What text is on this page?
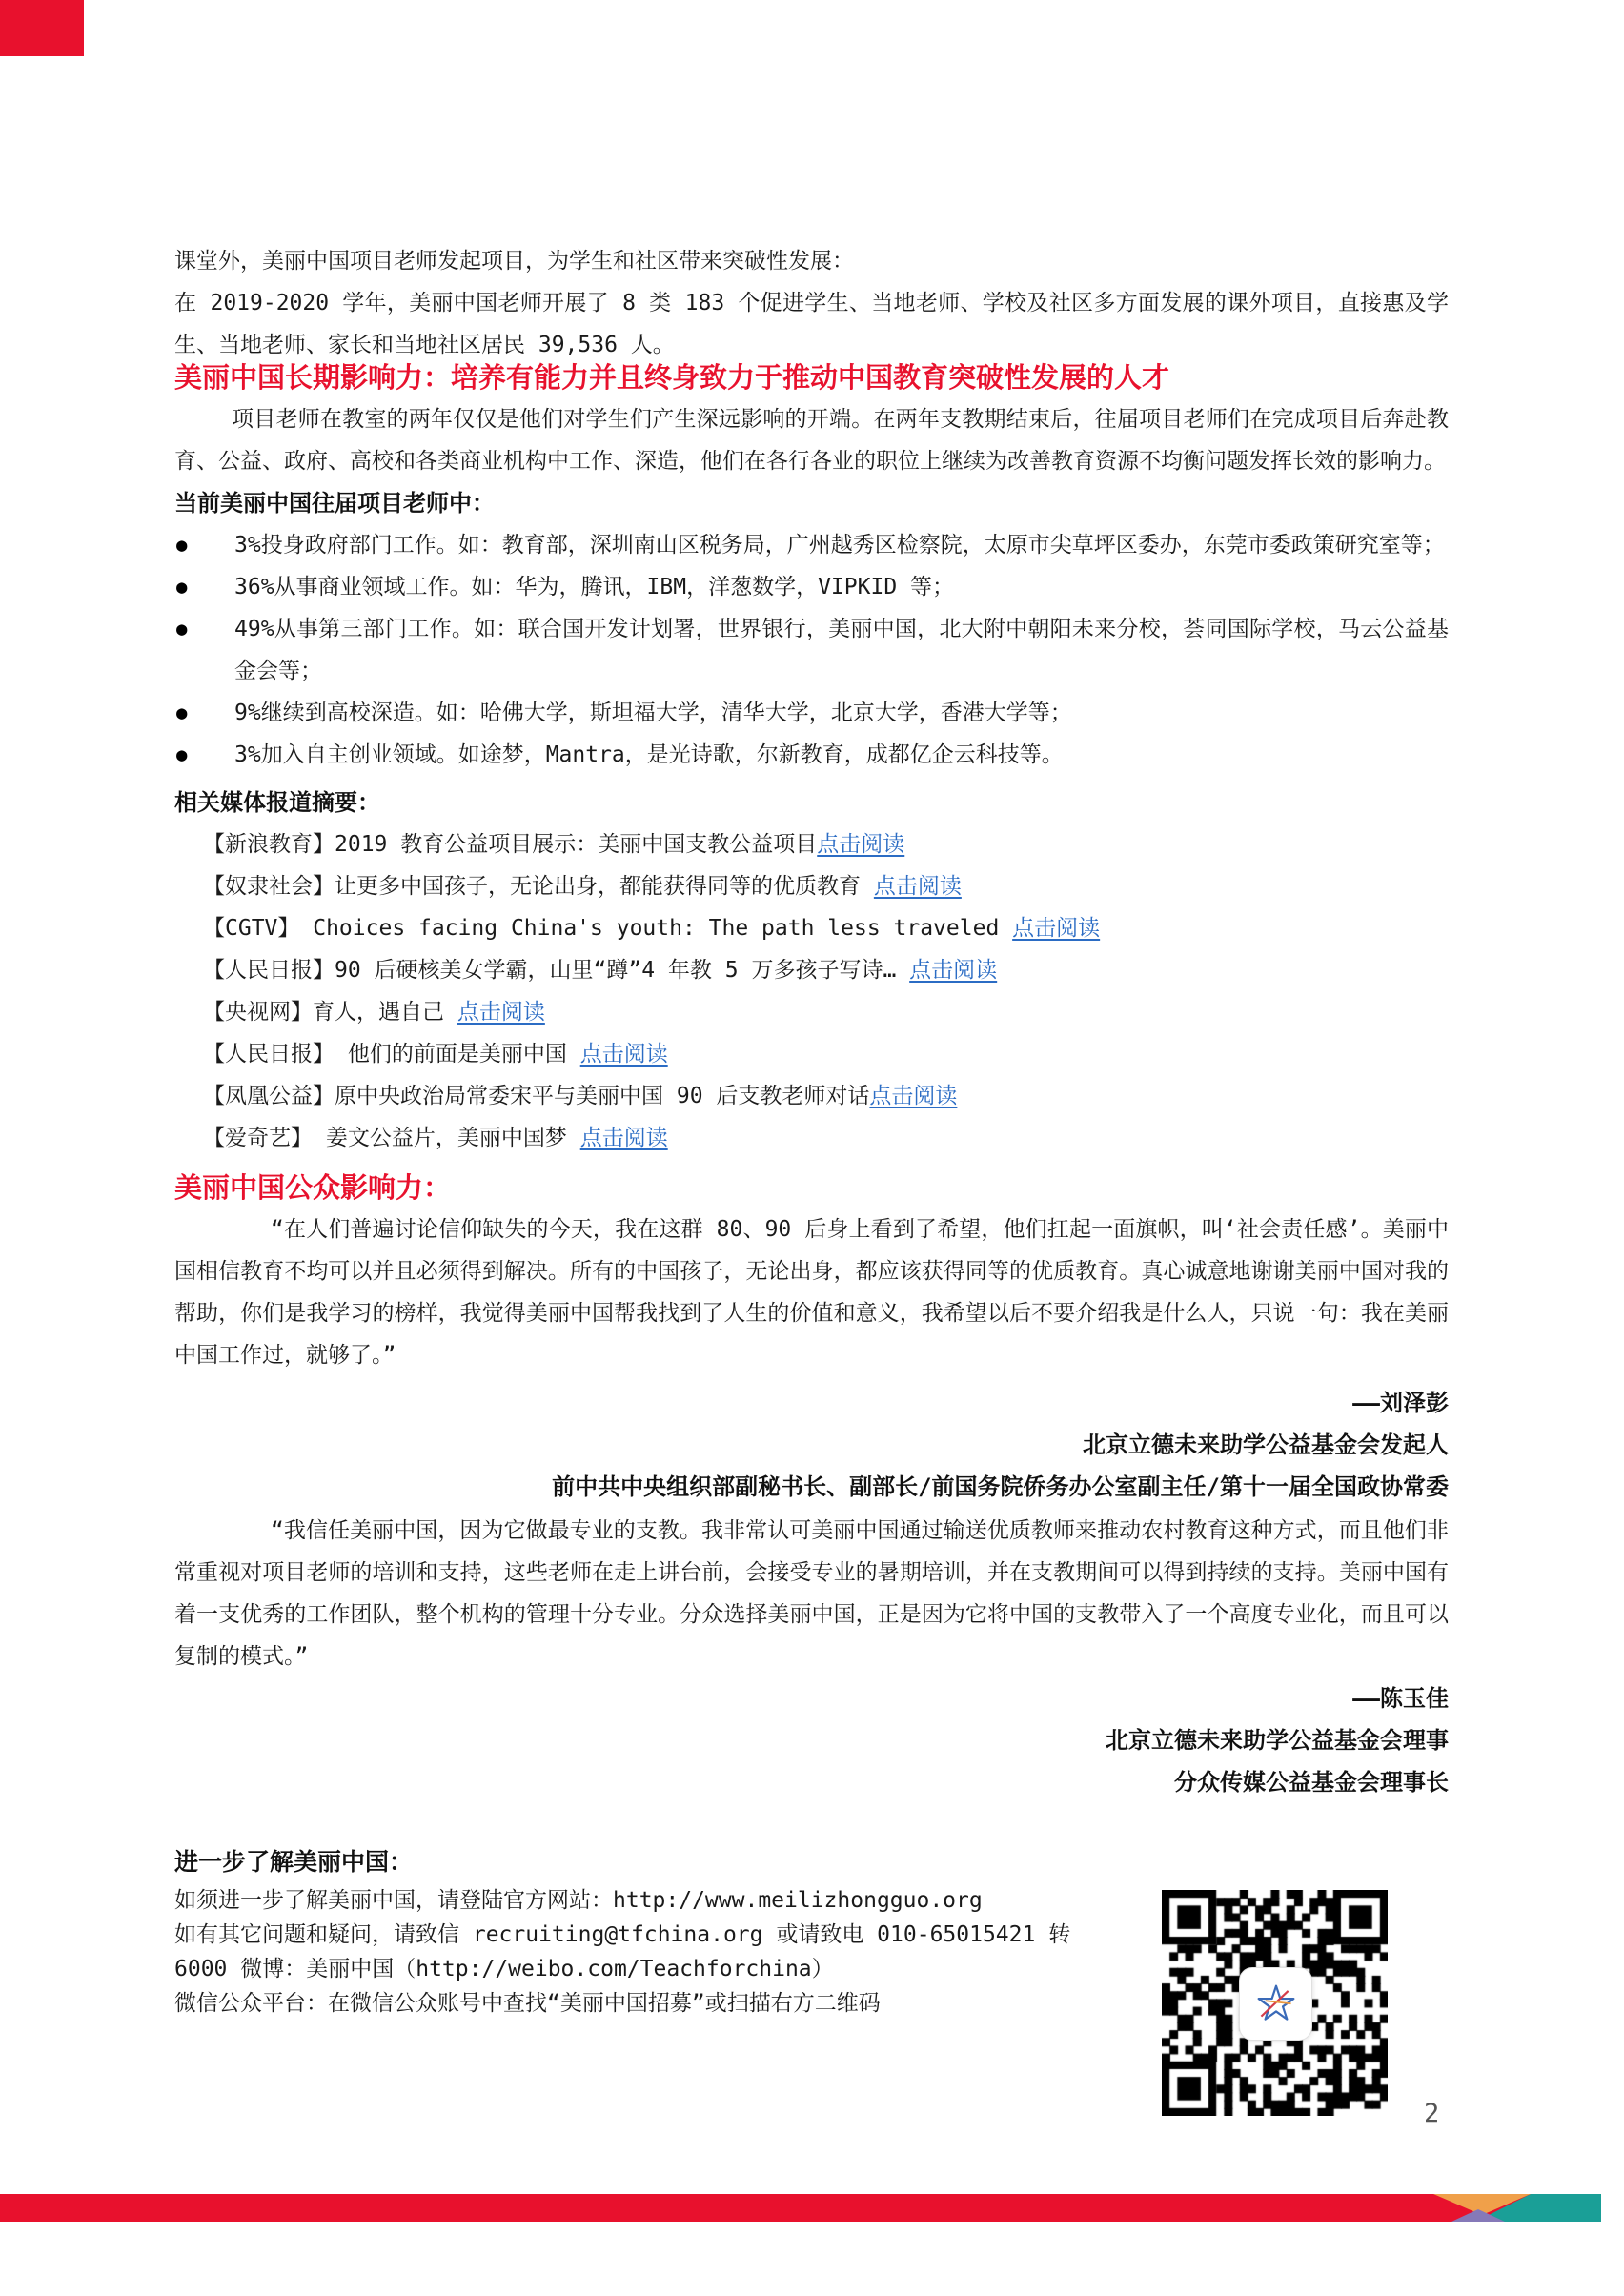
课堂外，美丽中国项目老师发起项目，为学生和社区带来突破性发展：

在 2019-2020 学年，美丽中国老师开展了 8 类 183 个促进学生、当地老师、学校及社区多方面发展的课外项目，直接惠及学生、当地老师、家长和当地社区居民 39,536 人。

美丽中国长期影响力：培养有能力并且终身致力于推动中国教育突破性发展的人才

项目老师在教室的两年仅仅是他们对学生们产生深远影响的开端。在两年支教期结束后，往届项目老师们在完成项目后奔赴教育、公益、政府、高校和各类商业机构中工作、深造，他们在各行各业的职位上继续为改善教育资源不均衡问题发挥长效的影响力。

当前美丽中国往届项目老师中：
● 3%投身政府部门工作。如：教育部，深圳南山区税务局，广州越秀区检察院，太原市尖草坪区委办，东莞市委政策研究室等；
● 36%从事商业领域工作。如：华为，腾讯，IBM，洋葱数学，VIPKID 等；
● 49%从事第三部门工作。如：联合国开发计划署，世界银行，美丽中国，北大附中朝阳未来分校，荟同国际学校，马云公益基金会等；
● 9%继续到高校深造。如：哈佛大学，斯坦福大学，清华大学，北京大学，香港大学等；
● 3%加入自主创业领域。如途梦，Mantra，是光诗歌，尔新教育，成都亿企云科技等。
相关媒体报道摘要：

【新浪教育】2019 教育公益项目展示：美丽中国支教公益项目点击阅读

【奴隶社会】让更多中国孩子，无论出身，都能获得同等的优质教育 点击阅读

【CGTV】 Choices facing China's youth: The path less traveled 点击阅读

【人民日报】90 后硬核美女学霸，山里“蹲”4 年教 5 万多孩子写诗… 点击阅读

【央视网】育人，遇自己 点击阅读

【人民日报】 他们的前面是美丽中国 点击阅读

【凤凰公益】原中央政治局常委宋平与美丽中国 90 后支教老师对话点击阅读

【爱奇艺】 姜文公益片，美丽中国梦 点击阅读

美丽中国公众影响力：

“在人们普遍讨论信仰缺失的今天，我在这群 80、90 后身上看到了希望，他们扛起一面旗帜，叫‘社会责任感’。美丽中国相信教育不均可以并且必须得到解决。所有的中国孩子，无论出身，都应该获得同等的优质教育。真心诚意地谢谢美丽中国对我的帮助，你们是我学习的榜样，我觉得美丽中国帮我找到了人生的价值和意义，我希望以后不要介绍我是什么人，只说一句：我在美丽中国工作过，就够了。”

——刘泽彭

北京立德未来助学公益基金会发起人

前中共中央组织部副秘书长、副部长/前国务院侨务办公室副主任/第十一届全国政协常委

“我信任美丽中国，因为它做最专业的支教。我非常认可美丽中国通过输送优质教师来推动农村教育这种方式，而且他们非常重视对项目老师的培训和支持，这些老师在走上讲台前，会接受专业的暑期培训，并在支教期间可以得到持续的支持。美丽中国有着一支优秀的工作团队，整个机构的管理十分专业。分众选择美丽中国，正是因为它将中国的支教带入了一个高度专业化，而且可以复制的模式。”

——陈玉佳

北京立德未来助学公益基金会理事

分众传媒公益基金会理事长

进一步了解美丽中国：

如须进一步了解美丽中国，请登陆官方网站：http://www.meilizhongguo.org

如有其它问题和疑问，请致信 recruiting@tfchina.org 或请致电 010-65015421 转

6000 微博：美丽中国（http://weibo.com/Teachforchina）

微信公众平台：在微信公众账号中查找“美丽中国招募”或扫描右方二维码

2
